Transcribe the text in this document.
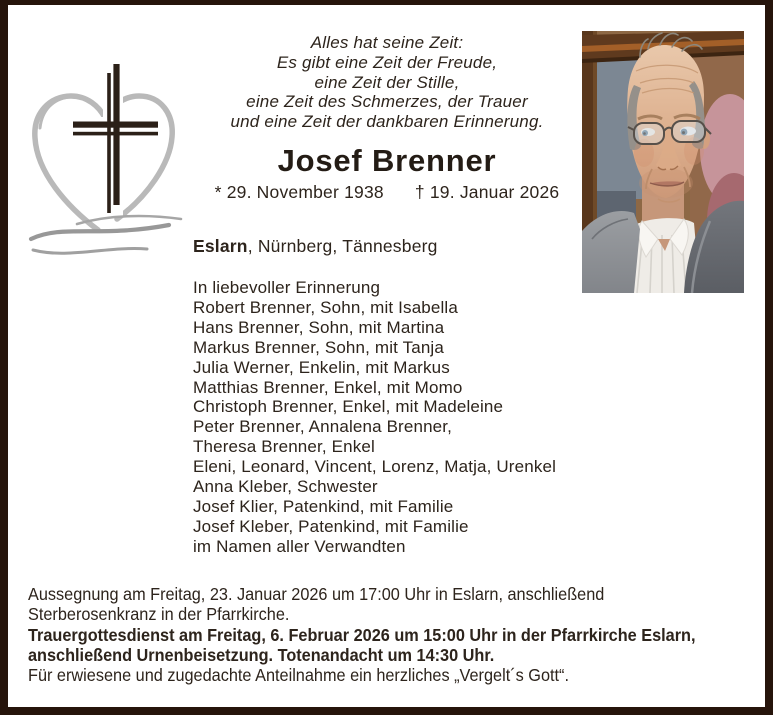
Alles hat seine Zeit:
Es gibt eine Zeit der Freude,
eine Zeit der Stille,
eine Zeit des Schmerzes, der Trauer
und eine Zeit der dankbaren Erinnerung.
Josef Brenner
* 29. November 1938 † 19. Januar 2026
Eslarn, Nürnberg, Tännesberg
In liebevoller Erinnerung
Robert Brenner, Sohn, mit Isabella
Hans Brenner, Sohn, mit Martina
Markus Brenner, Sohn, mit Tanja
Julia Werner, Enkelin, mit Markus
Matthias Brenner, Enkel, mit Momo
Christoph Brenner, Enkel, mit Madeleine
Peter Brenner, Annalena Brenner,
Theresa Brenner, Enkel
Eleni, Leonard, Vincent, Lorenz, Matja, Urenkel
Anna Kleber, Schwester
Josef Klier, Patenkind, mit Familie
Josef Kleber, Patenkind, mit Familie
im Namen aller Verwandten
Aussegnung am Freitag, 23. Januar 2026 um 17:00 Uhr in Eslarn, anschließend
Sterberosenkranz in der Pfarrkirche.
Trauergottesdienst am Freitag, 6. Februar 2026 um 15:00 Uhr in der Pfarrkirche Eslarn,
anschließend Urnenbeisetzung. Totenandacht um 14:30 Uhr.
Für erwiesene und zugedachte Anteilnahme ein herzliches „Vergelt´s Gott“.
